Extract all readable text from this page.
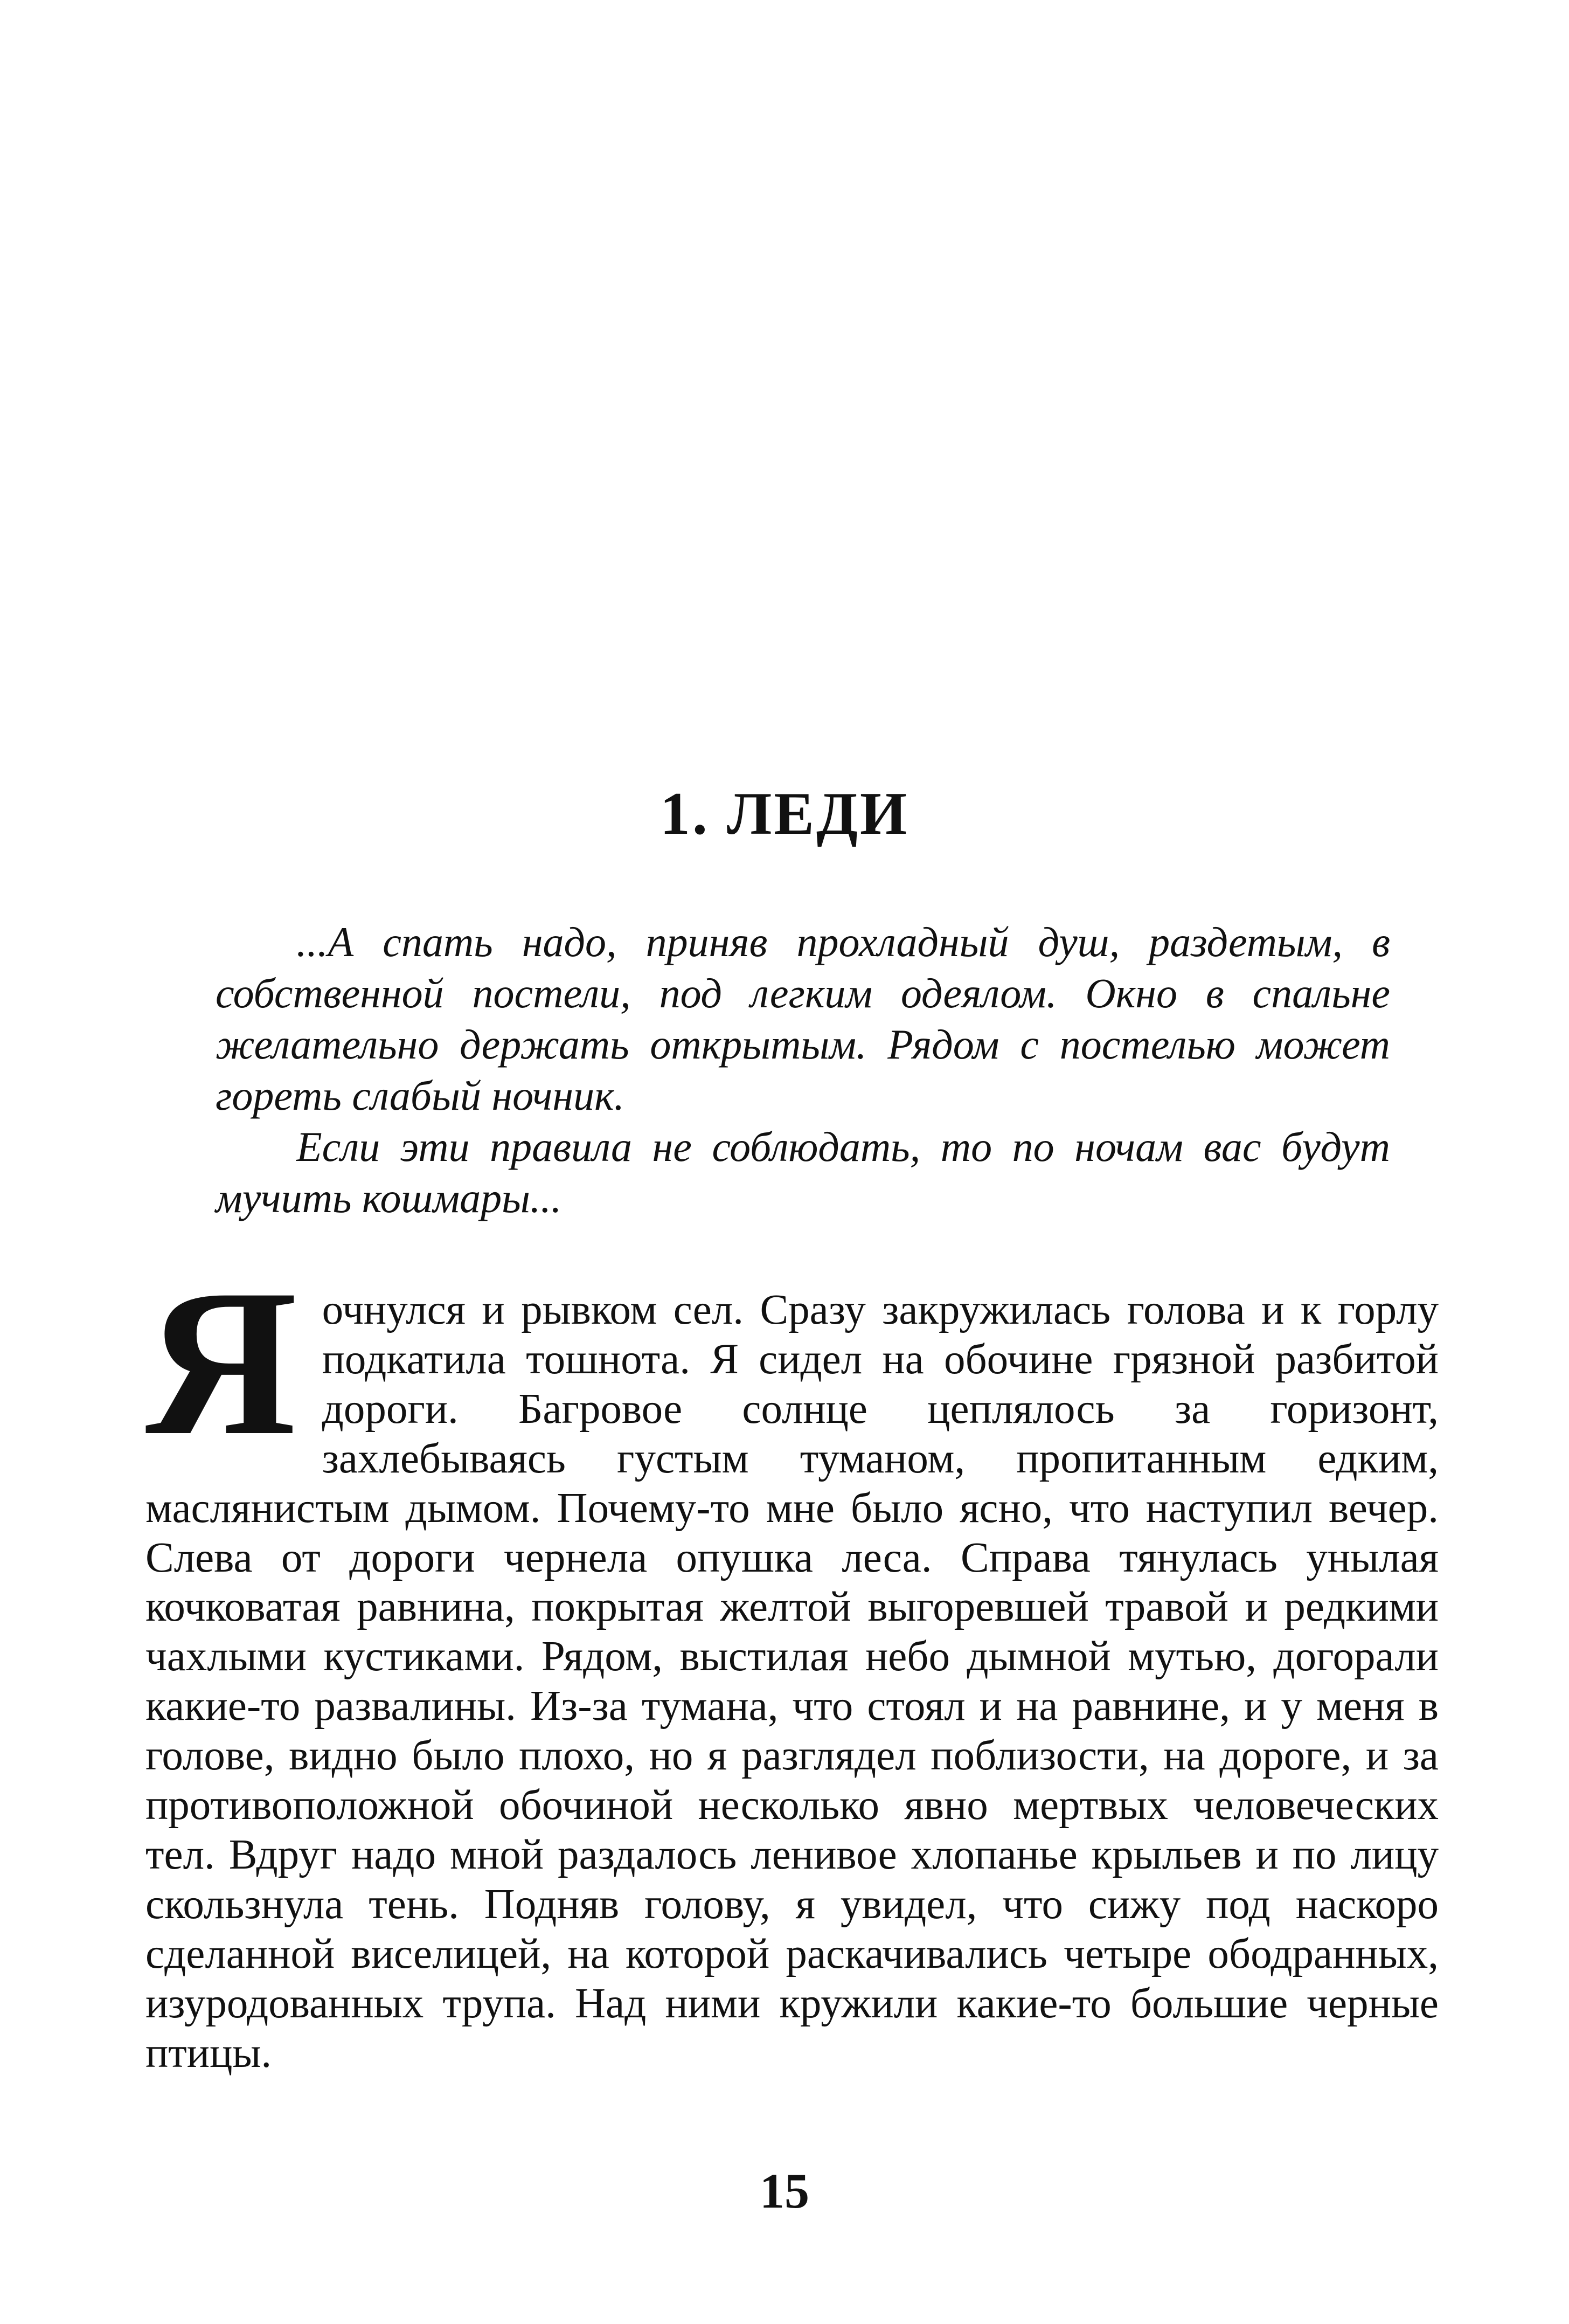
1. ЛЕДИ

...А спать надо, приняв прохладный душ, раздетым, в собственной постели, под легким одеялом. Окно в спальне желательно держать открытым. Рядом с постелью может гореть слабый ночник.

Если эти правила не соблюдать, то по ночам вас будут мучить кошмары...

Яочнулся и рывком сел. Сразу закружилась голова и к горлу подкатила тошнота. Я сидел на обочине грязной разбитой дороги. Багровое солнце цеплялось за горизонт, захлебываясь густым туманом, пропитанным едким, маслянистым дымом. Почему-то мне было ясно, что наступил вечер. Слева от дороги чернела опушка леса. Справа тянулась унылая кочковатая равнина, покрытая желтой выгоревшей травой и редкими чахлыми кустиками. Рядом, выстилая небо дымной мутью, догорали какие-то развалины. Из-за тумана, что стоял и на равнине, и у меня в голове, видно было плохо, но я разглядел поблизости, на дороге, и за противоположной обочиной несколько явно мертвых человеческих тел. Вдруг надо мной раздалось ленивое хлопанье крыльев и по лицу скользнула тень. Подняв голову, я увидел, что сижу под наскоро сделанной виселицей, на которой раскачивались четыре ободранных, изуродованных трупа. Над ними кружили какие-то большие черные птицы.

15
